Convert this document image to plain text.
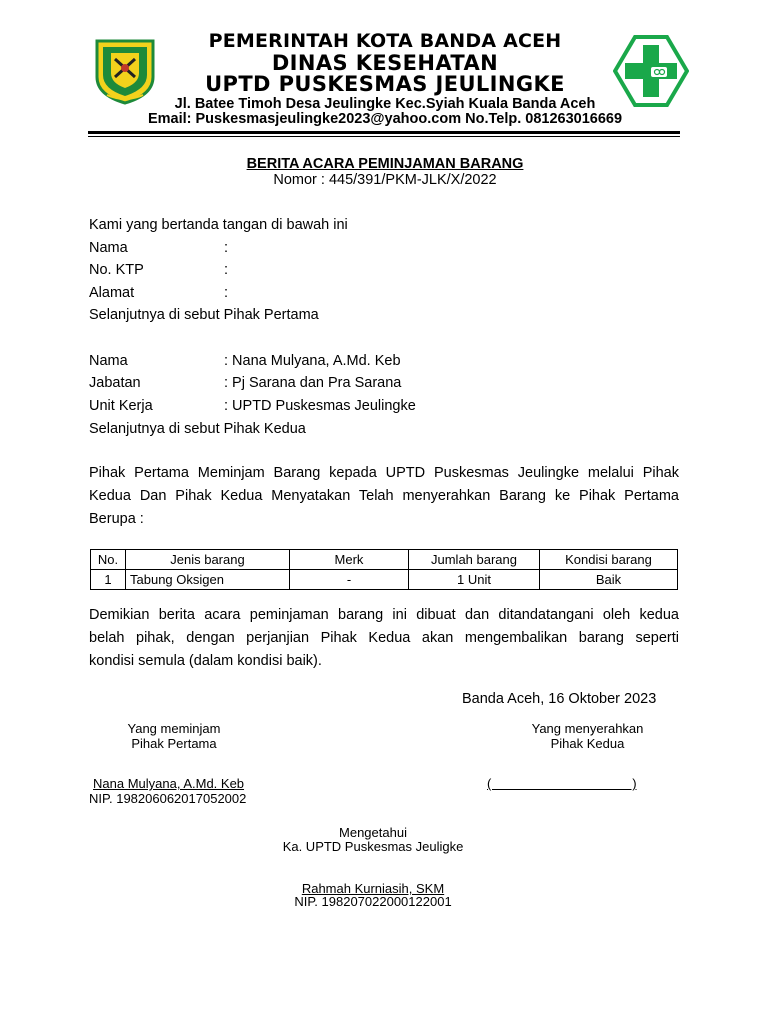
PEMERINTAH KOTA BANDA ACEH
DINAS KESEHATAN
UPTD PUSKESMAS JEULINGKE
Jl. Batee Timoh Desa Jeulingke Kec.Syiah Kuala Banda Aceh
Email: Puskesmasjeulingke2023@yahoo.com No.Telp. 081263016669
BERITA ACARA PEMINJAMAN BARANG
Nomor : 445/391/PKM-JLK/X/2022
Kami yang bertanda tangan di bawah ini
Nama	:
No. KTP	:
Alamat	:
Selanjutnya di sebut Pihak Pertama
Nama	: Nana Mulyana, A.Md. Keb
Jabatan	: Pj Sarana dan Pra Sarana
Unit Kerja	: UPTD Puskesmas Jeulingke
Selanjutnya di sebut Pihak Kedua
Pihak Pertama Meminjam Barang kepada UPTD Puskesmas Jeulingke melalui Pihak
Kedua Dan Pihak Kedua Menyatakan Telah menyerahkan Barang ke Pihak Pertama
Berupa :
No.	Jenis barang	Merk	Jumlah barang	Kondisi barang
1	Tabung Oksigen	-	1 Unit	Baik
Demikian berita acara peminjaman barang ini dibuat dan ditandatangani oleh kedua
belah pihak, dengan perjanjian Pihak Kedua akan mengembalikan barang seperti
kondisi semula (dalam kondisi baik).
Banda Aceh, 16 Oktober 2023
Yang meminjam
Pihak Pertama
Nana Mulyana, A.Md. Keb
NIP. 198206062017052002
Yang menyerahkan
Pihak Kedua
(                                       )
Mengetahui
Ka. UPTD Puskesmas Jeuligke
Rahmah Kurniasih, SKM
NIP. 198207022000122001
